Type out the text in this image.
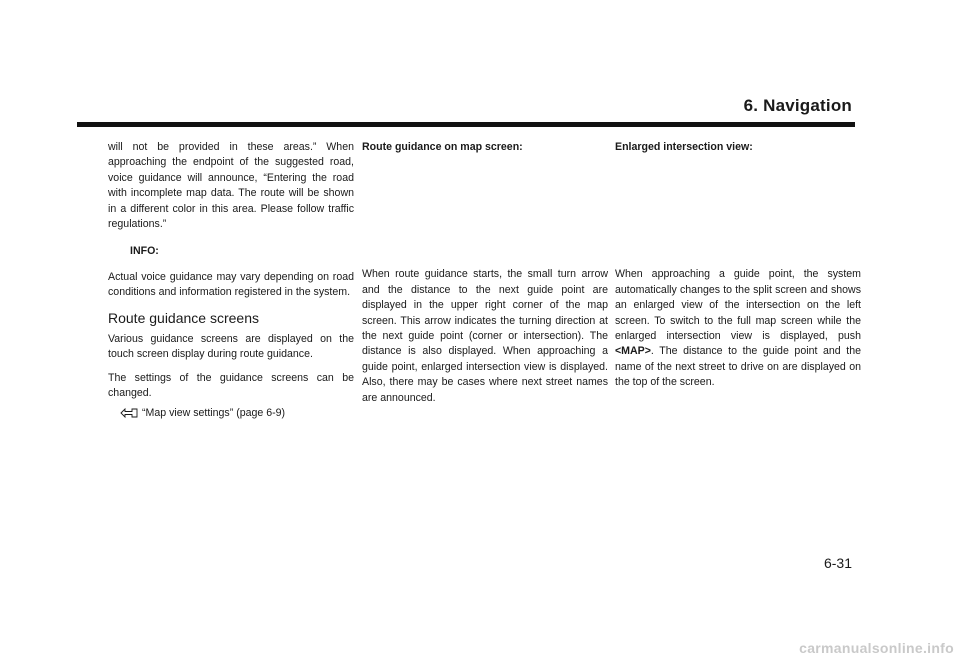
6. Navigation

will not be provided in these areas.” When approaching the endpoint of the suggested road, voice guidance will announce, “Entering the road with incomplete map data. The route will be shown in a different color in this area. Please follow traffic regulations.”

INFO:

Actual voice guidance may vary depending on road conditions and information registered in the system.

Route guidance screens

Various guidance screens are displayed on the touch screen display during route guidance.

The settings of the guidance screens can be changed.

“Map view settings” (page 6-9)
Route guidance on map screen:

When route guidance starts, the small turn arrow and the distance to the next guide point are displayed in the upper right corner of the map screen. This arrow indicates the turning direction at the next guide point (corner or intersection). The distance is also displayed. When approaching a guide point, enlarged intersection view is displayed. Also, there may be cases where next street names are announced.

Enlarged intersection view:

When approaching a guide point, the system automatically changes to the split screen and shows an enlarged view of the intersection on the left screen. To switch to the full map screen while the enlarged intersection view is displayed, push <MAP>. The distance to the guide point and the name of the next street to drive on are displayed on the top of the screen.

6-31
carmanualsonline.info
